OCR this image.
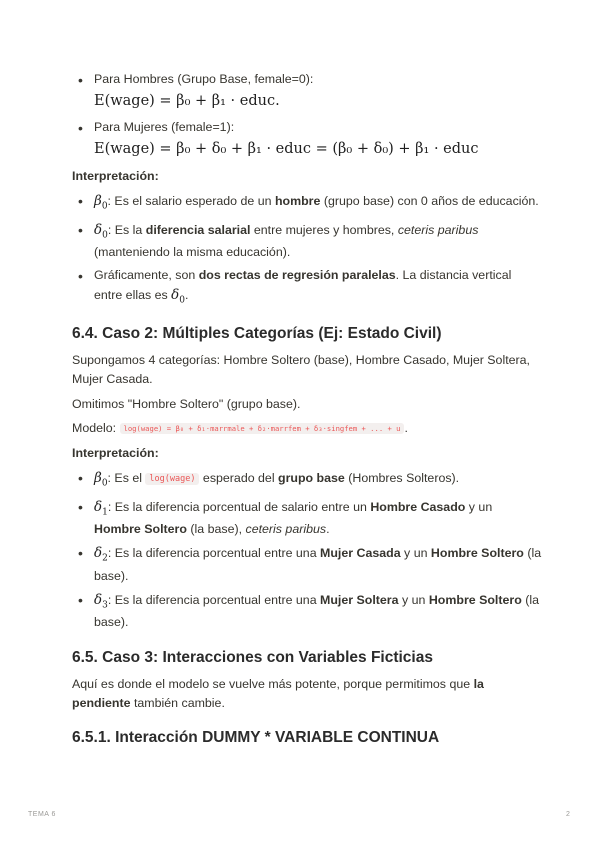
• Para Hombres (Grupo Base, female=0):
E(wage) = β₀ + β₁ · educ.
• Para Mujeres (female=1):
E(wage) = β₀ + δ₀ + β₁ · educ = (β₀ + δ₀) + β₁ · educ
Interpretación:
• $\beta_0$: Es el salario esperado de un hombre (grupo base) con 0 años de educación.
• $\delta_0$: Es la diferencia salarial entre mujeres y hombres, ceteris paribus (manteniendo la misma educación).
• Gráficamente, son dos rectas de regresión paralelas. La distancia vertical entre ellas es $\delta_0$.
6.4. Caso 2: Múltiples Categorías (Ej: Estado Civil)

Supongamos 4 categorías: Hombre Soltero (base), Hombre Casado, Mujer Soltera, Mujer Casada.

Omitimos "Hombre Soltero" (grupo base).

Modelo: log(wage) = β₀ + δ₁·marrmale + δ₂·marrfem + δ₃·singfem + ... + u .

Interpretación:
• $\beta_0$: Es el log(wage) esperado del grupo base (Hombres Solteros).
• $\delta_1$: Es la diferencia porcentual de salario entre un Hombre Casado y un Hombre Soltero (la base), ceteris paribus.
• $\delta_2$: Es la diferencia porcentual entre una Mujer Casada y un Hombre Soltero (la base).
• $\delta_3$: Es la diferencia porcentual entre una Mujer Soltera y un Hombre Soltero (la base).
6.5. Caso 3: Interacciones con Variables Ficticias

Aquí es donde el modelo se vuelve más potente, porque permitimos que la pendiente también cambie.

6.5.1. Interacción DUMMY * VARIABLE CONTINUA
TEMA 6	2
